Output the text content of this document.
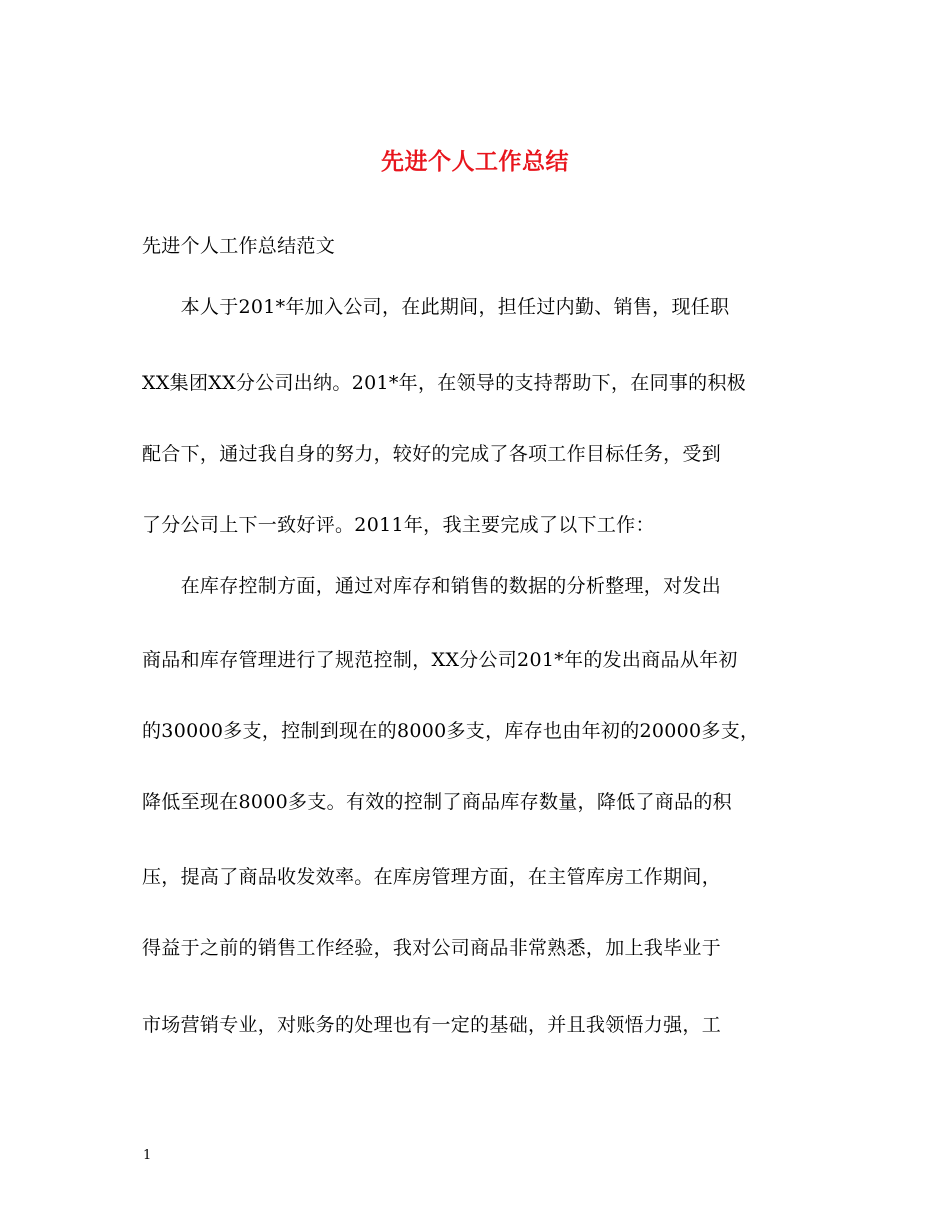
先进个人工作总结
先进个人工作总结范文
　　本人于201*年加入公司，在此期间，担任过内勤、销售，现任职
XX集团XX分公司出纳。201*年，在领导的支持帮助下，在同事的积极
配合下，通过我自身的努力，较好的完成了各项工作目标任务，受到
了分公司上下一致好评。2011年，我主要完成了以下工作：
　　在库存控制方面，通过对库存和销售的数据的分析整理，对发出
商品和库存管理进行了规范控制，XX分公司201*年的发出商品从年初
的30000多支，控制到现在的8000多支，库存也由年初的20000多支，
降低至现在8000多支。有效的控制了商品库存数量，降低了商品的积
压，提高了商品收发效率。在库房管理方面，在主管库房工作期间，
得益于之前的销售工作经验，我对公司商品非常熟悉，加上我毕业于
市场营销专业，对账务的处理也有一定的基础，并且我领悟力强，工
1
